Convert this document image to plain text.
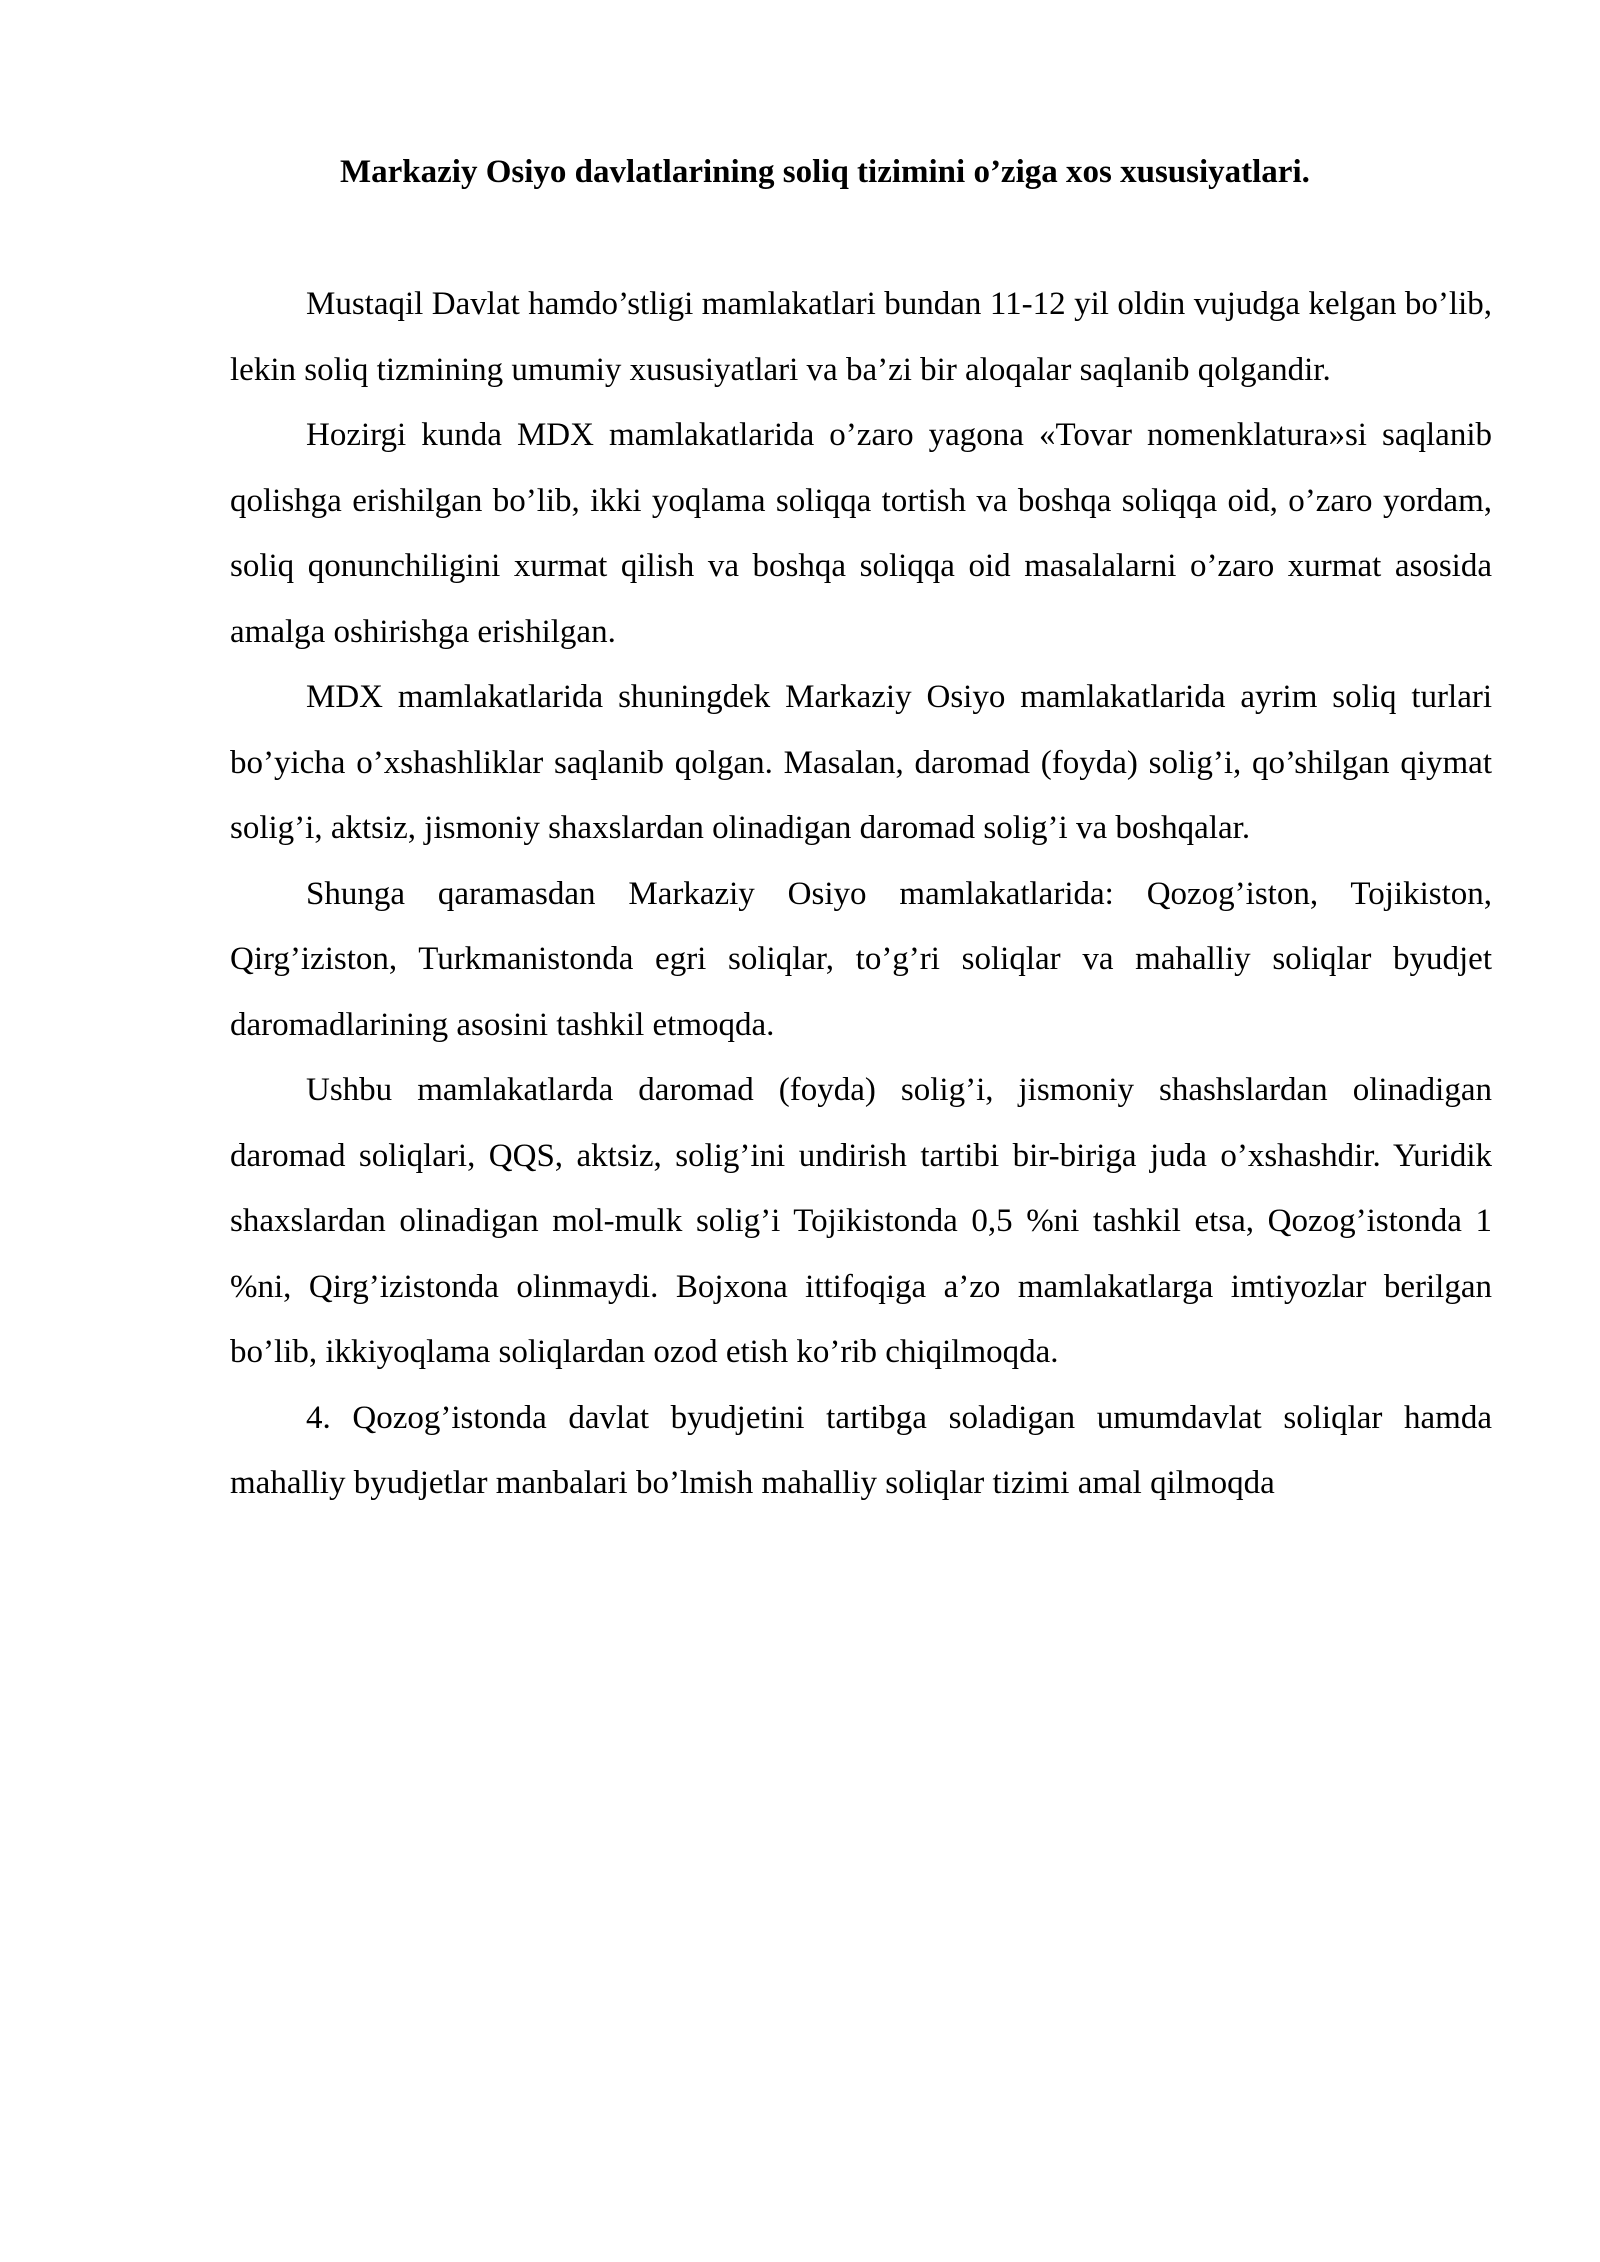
Markaziy Osiyo davlatlarining soliq tizimini o’ziga xos xususiyatlari.

Mustaqil Davlat hamdo’stligi mamlakatlari bundan 11-12 yil oldin vujudga kelgan bo’lib, lekin soliq tizmining umumiy xususiyatlari va ba’zi bir aloqalar saqlanib qolgandir.

Hozirgi kunda MDX mamlakatlarida o’zaro yagona «Tovar nomenklatura»si saqlanib qolishga erishilgan bo’lib, ikki yoqlama soliqqa tortish va boshqa soliqqa oid, o’zaro yordam, soliq qonunchiligini xurmat qilish va boshqa soliqqa oid masalalarni o’zaro xurmat asosida amalga oshirishga erishilgan.

MDX mamlakatlarida shuningdek Markaziy Osiyo mamlakatlarida ayrim soliq turlari bo’yicha o’xshashliklar saqlanib qolgan. Masalan, daromad (foyda) solig’i, qo’shilgan qiymat solig’i, aktsiz, jismoniy shaxslardan olinadigan daromad solig’i va boshqalar.

Shunga qaramasdan Markaziy Osiyo mamlakatlarida: Qozog’iston, Tojikiston, Qirg’iziston, Turkmanistonda egri soliqlar, to’g’ri soliqlar va mahalliy soliqlar byudjet daromadlarining asosini tashkil etmoqda.

Ushbu mamlakatlarda daromad (foyda) solig’i, jismoniy shashslardan olinadigan daromad soliqlari, QQS, aktsiz, solig’ini undirish tartibi bir-biriga juda o’xshashdir. Yuridik shaxslardan olinadigan mol-mulk solig’i Tojikistonda 0,5 %ni tashkil etsa, Qozog’istonda 1 %ni, Qirg’izistonda olinmaydi. Bojxona ittifoqiga a’zo mamlakatlarga imtiyozlar berilgan bo’lib, ikkiyoqlama soliqlardan ozod etish ko’rib chiqilmoqda.

4. Qozog’istonda davlat byudjetini tartibga soladigan umumdavlat soliqlar hamda mahalliy byudjetlar manbalari bo’lmish mahalliy soliqlar tizimi amal qilmoqda
